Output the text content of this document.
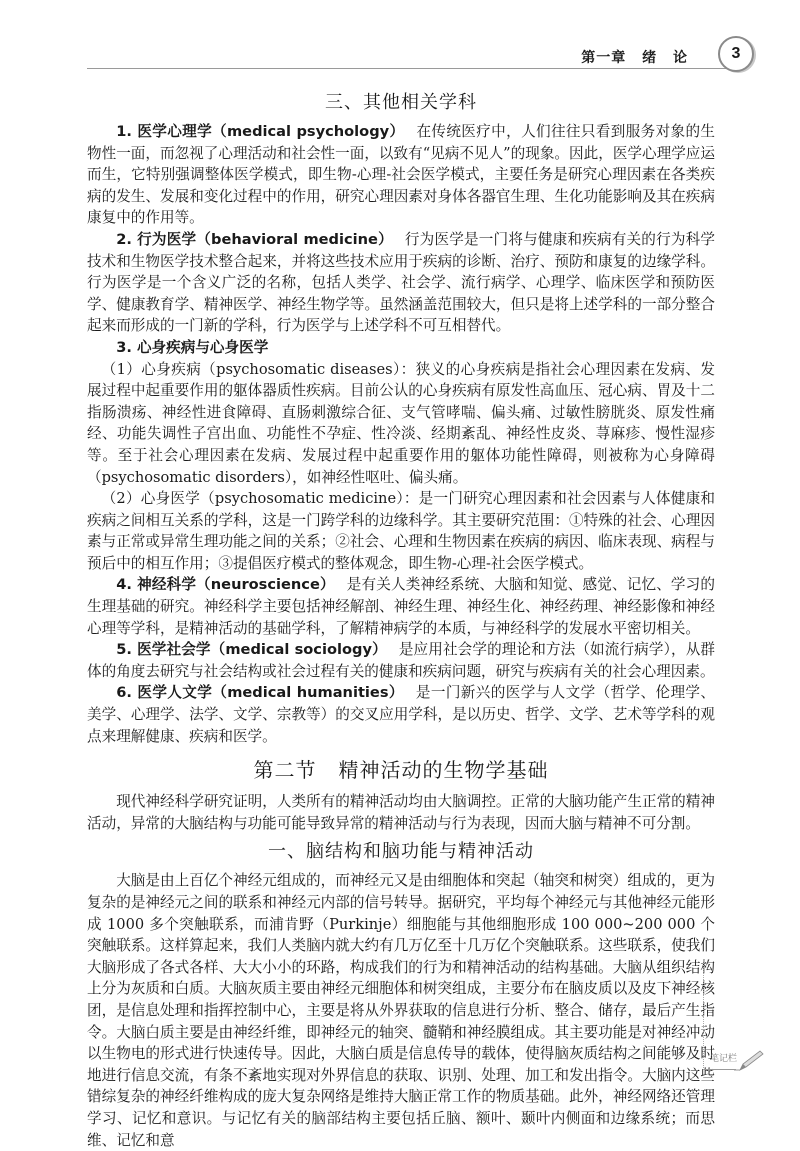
第一章 绪 论	3
三、其他相关学科

1. 医学心理学（medical psychology） 在传统医疗中，人们往往只看到服务对象的生物性一面，而忽视了心理活动和社会性一面，以致有“见病不见人”的现象。因此，医学心理学应运而生，它特别强调整体医学模式，即生物-心理-社会医学模式，主要任务是研究心理因素在各类疾病的发生、发展和变化过程中的作用，研究心理因素对身体各器官生理、生化功能影响及其在疾病康复中的作用等。

2. 行为医学（behavioral medicine） 行为医学是一门将与健康和疾病有关的行为科学技术和生物医学技术整合起来，并将这些技术应用于疾病的诊断、治疗、预防和康复的边缘学科。行为医学是一个含义广泛的名称，包括人类学、社会学、流行病学、心理学、临床医学和预防医学、健康教育学、精神医学、神经生物学等。虽然涵盖范围较大，但只是将上述学科的一部分整合起来而形成的一门新的学科，行为医学与上述学科不可互相替代。

3. 心身疾病与心身医学

（1）心身疾病（psychosomatic diseases）：狭义的心身疾病是指社会心理因素在发病、发展过程中起重要作用的躯体器质性疾病。目前公认的心身疾病有原发性高血压、冠心病、胃及十二指肠溃疡、神经性进食障碍、直肠刺激综合征、支气管哮喘、偏头痛、过敏性膀胱炎、原发性痛经、功能失调性子宫出血、功能性不孕症、性冷淡、经期紊乱、神经性皮炎、荨麻疹、慢性湿疹等。至于社会心理因素在发病、发展过程中起重要作用的躯体功能性障碍，则被称为心身障碍（psychosomatic disorders），如神经性呕吐、偏头痛。

（2）心身医学（psychosomatic medicine）：是一门研究心理因素和社会因素与人体健康和疾病之间相互关系的学科，这是一门跨学科的边缘科学。其主要研究范围：①特殊的社会、心理因素与正常或异常生理功能之间的关系；②社会、心理和生物因素在疾病的病因、临床表现、病程与预后中的相互作用；③提倡医疗模式的整体观念，即生物-心理-社会医学模式。

4. 神经科学（neuroscience） 是有关人类神经系统、大脑和知觉、感觉、记忆、学习的生理基础的研究。神经科学主要包括神经解剖、神经生理、神经生化、神经药理、神经影像和神经心理等学科，是精神活动的基础学科，了解精神病学的本质，与神经科学的发展水平密切相关。

5. 医学社会学（medical sociology） 是应用社会学的理论和方法（如流行病学），从群体的角度去研究与社会结构或社会过程有关的健康和疾病问题，研究与疾病有关的社会心理因素。

6. 医学人文学（medical humanities） 是一门新兴的医学与人文学（哲学、伦理学、美学、心理学、法学、文学、宗教等）的交叉应用学科，是以历史、哲学、文学、艺术等学科的观点来理解健康、疾病和医学。

第二节 精神活动的生物学基础

现代神经科学研究证明，人类所有的精神活动均由大脑调控。正常的大脑功能产生正常的精神活动，异常的大脑结构与功能可能导致异常的精神活动与行为表现，因而大脑与精神不可分割。

一、脑结构和脑功能与精神活动

大脑是由上百亿个神经元组成的，而神经元又是由细胞体和突起（轴突和树突）组成的，更为复杂的是神经元之间的联系和神经元内部的信号转导。据研究，平均每个神经元与其他神经元能形成 1000 多个突触联系，而浦肯野（Purkinje）细胞能与其他细胞形成 100 000~200 000 个突触联系。这样算起来，我们人类脑内就大约有几万亿至十几万亿个突触联系。这些联系，使我们大脑形成了各式各样、大大小小的环路，构成我们的行为和精神活动的结构基础。大脑从组织结构上分为灰质和白质。大脑灰质主要由神经元细胞体和树突组成，主要分布在脑皮质以及皮下神经核团，是信息处理和指挥控制中心，主要是将从外界获取的信息进行分析、整合、储存，最后产生指令。大脑白质主要是由神经纤维，即神经元的轴突、髓鞘和神经膜组成。其主要功能是对神经冲动以生物电的形式进行快速传导。因此，大脑白质是信息传导的载体，使得脑灰质结构之间能够及时地进行信息交流，有条不紊地实现对外界信息的获取、识别、处理、加工和发出指令。大脑内这些错综复杂的神经纤维构成的庞大复杂网络是维持大脑正常工作的物质基础。此外，神经网络还管理学习、记忆和意识。与记忆有关的脑部结构主要包括丘脑、额叶、颞叶内侧面和边缘系统；而思维、记忆和意

笔记栏
